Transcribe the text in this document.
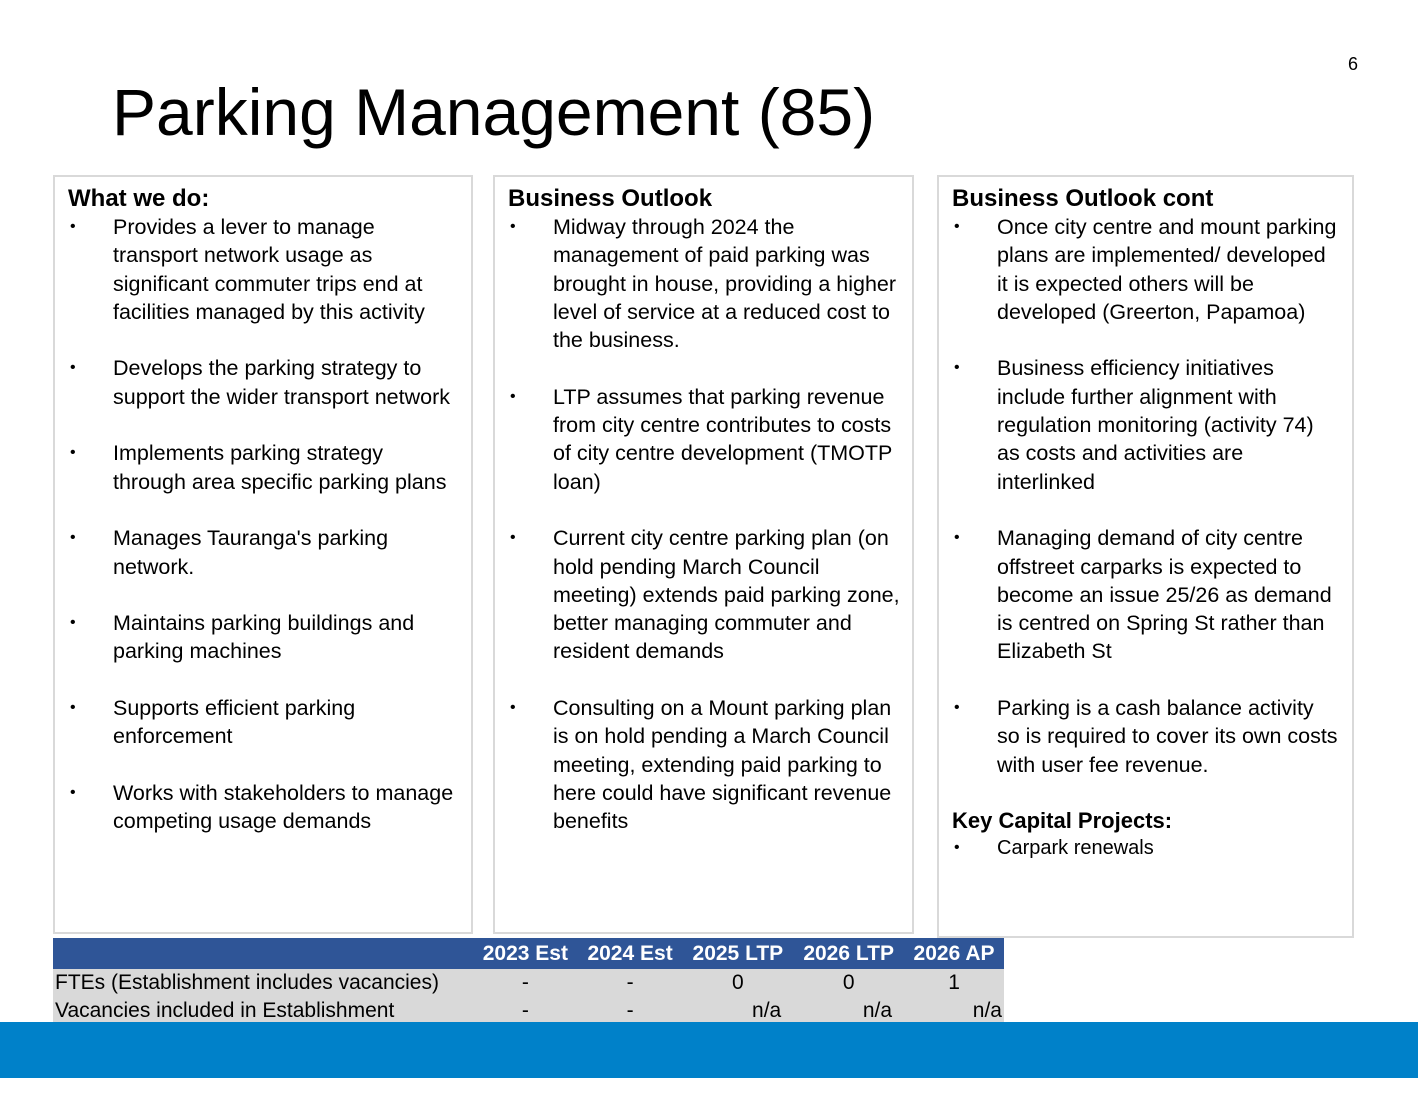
6
Parking Management (85)
What we do:
• Provides a lever to manage transport network usage as significant commuter trips end at facilities managed by this activity
• Develops the parking strategy to support the wider transport network
• Implements parking strategy through area specific parking plans
• Manages Tauranga's parking network.
• Maintains parking buildings and parking machines
• Supports efficient parking enforcement
• Works with stakeholders to manage competing usage demands
Business Outlook
• Midway through 2024 the management of paid parking was brought in house, providing a higher level of service at a reduced cost to the business.
• LTP assumes that parking revenue from city centre contributes to costs of city centre development (TMOTP loan)
• Current city centre parking plan (on hold pending March Council meeting) extends paid parking zone, better managing commuter and resident demands
• Consulting on a Mount parking plan is on hold pending a March Council meeting, extending paid parking to here could have significant revenue benefits
Business Outlook cont
• Once city centre and mount parking plans are implemented/ developed it is expected others will be developed (Greerton, Papamoa)
• Business efficiency initiatives include further alignment with regulation monitoring (activity 74) as costs and activities are interlinked
• Managing demand of city centre offstreet carparks is expected to become an issue 25/26 as demand is centred on Spring St rather than Elizabeth St
• Parking is a cash balance activity so is required to cover its own costs with user fee revenue.
Key Capital Projects:
• Carpark renewals
	2023 Est	2024 Est	2025 LTP	2026 LTP	2026 AP
FTEs (Establishment includes vacancies)	-	-	0	0	1
Vacancies included in Establishment	-	-	n/a	n/a	n/a
